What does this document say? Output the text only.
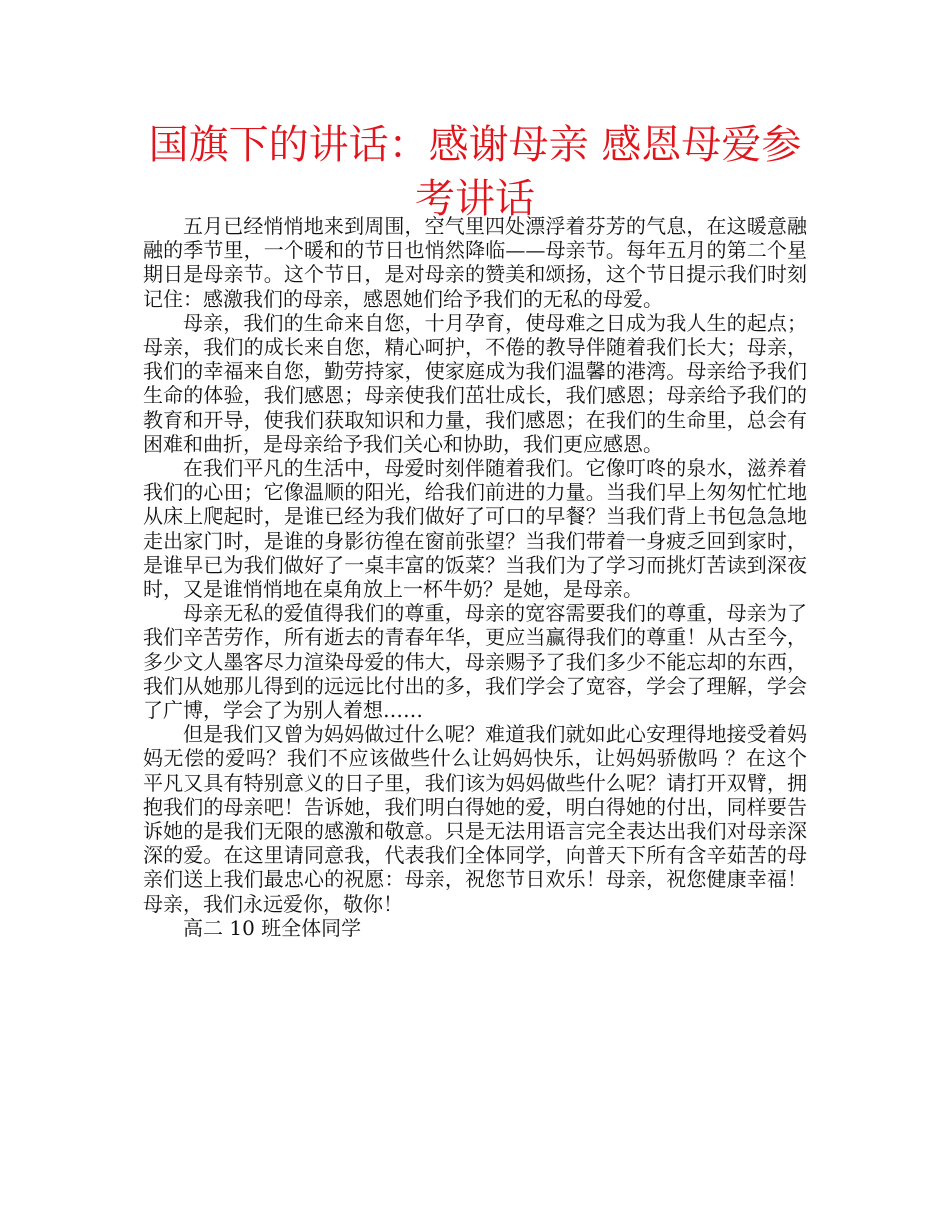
国旗下的讲话：感谢母亲 感恩母爱参考讲话

五月已经悄悄地来到周围，空气里四处漂浮着芬芳的气息，在这暖意融融的季节里，一个暖和的节日也悄然降临——母亲节。每年五月的第二个星期日是母亲节。这个节日，是对母亲的赞美和颂扬，这个节日提示我们时刻记住：感激我们的母亲，感恩她们给予我们的无私的母爱。

母亲，我们的生命来自您，十月孕育，使母难之日成为我人生的起点；母亲，我们的成长来自您，精心呵护，不倦的教导伴随着我们长大；母亲，我们的幸福来自您，勤劳持家，使家庭成为我们温馨的港湾。母亲给予我们生命的体验，我们感恩；母亲使我们茁壮成长，我们感恩；母亲给予我们的教育和开导，使我们获取知识和力量，我们感恩；在我们的生命里，总会有困难和曲折，是母亲给予我们关心和协助，我们更应感恩。

在我们平凡的生活中，母爱时刻伴随着我们。它像叮咚的泉水，滋养着我们的心田；它像温顺的阳光，给我们前进的力量。当我们早上匆匆忙忙地从床上爬起时，是谁已经为我们做好了可口的早餐？当我们背上书包急急地走出家门时，是谁的身影彷徨在窗前张望？当我们带着一身疲乏回到家时，是谁早已为我们做好了一桌丰富的饭菜？当我们为了学习而挑灯苦读到深夜时，又是谁悄悄地在桌角放上一杯牛奶？是她，是母亲。

母亲无私的爱值得我们的尊重，母亲的宽容需要我们的尊重，母亲为了我们辛苦劳作，所有逝去的青春年华，更应当赢得我们的尊重！从古至今，多少文人墨客尽力渲染母爱的伟大，母亲赐予了我们多少不能忘却的东西，我们从她那儿得到的远远比付出的多，我们学会了宽容，学会了理解，学会了广博，学会了为别人着想……

但是我们又曾为妈妈做过什么呢？难道我们就如此心安理得地接受着妈妈无偿的爱吗？我们不应该做些什么让妈妈快乐，让妈妈骄傲吗 ？在这个平凡又具有特别意义的日子里，我们该为妈妈做些什么呢？请打开双臂，拥抱我们的母亲吧！告诉她，我们明白得她的爱，明白得她的付出，同样要告诉她的是我们无限的感激和敬意。只是无法用语言完全表达出我们对母亲深深的爱。在这里请同意我，代表我们全体同学，向普天下所有含辛茹苦的母亲们送上我们最忠心的祝愿：母亲，祝您节日欢乐！母亲，祝您健康幸福！母亲，我们永远爱你，敬你！

高二 10 班全体同学
